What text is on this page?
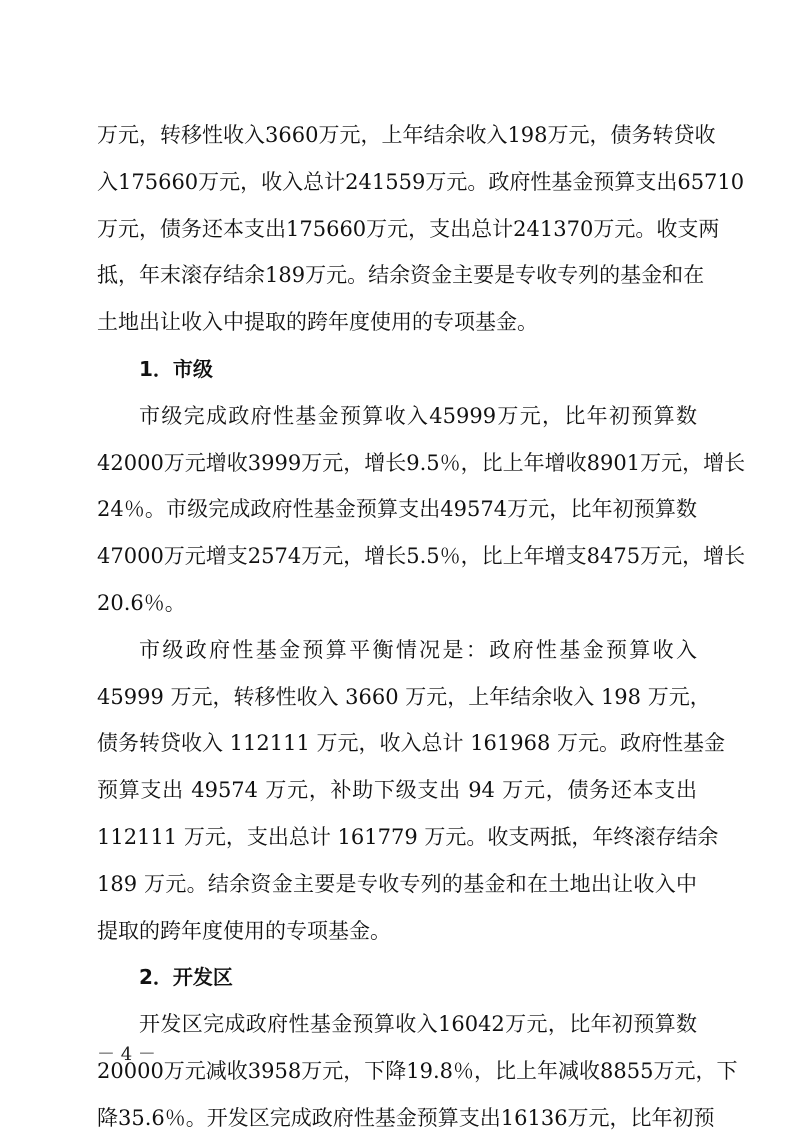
万元，转移性收入3660万元，上年结余收入198万元，债务转贷收
入175660万元，收入总计241559万元。政府性基金预算支出65710
万元，债务还本支出175660万元，支出总计241370万元。收支两
抵，年末滚存结余189万元。结余资金主要是专收专列的基金和在
土地出让收入中提取的跨年度使用的专项基金。
1．市级
市级完成政府性基金预算收入45999万元，比年初预算数
42000万元增收3999万元，增长9.5％，比上年增收8901万元，增长
24％。市级完成政府性基金预算支出49574万元，比年初预算数
47000万元增支2574万元，增长5.5％，比上年增支8475万元，增长
20.6％。
市级政府性基金预算平衡情况是：政府性基金预算收入
45999 万元，转移性收入 3660 万元，上年结余收入 198 万元，
债务转贷收入 112111 万元，收入总计 161968 万元。政府性基金
预算支出 49574 万元，补助下级支出 94 万元，债务还本支出
112111 万元，支出总计 161779 万元。收支两抵，年终滚存结余
189 万元。结余资金主要是专收专列的基金和在土地出让收入中
提取的跨年度使用的专项基金。
2．开发区
开发区完成政府性基金预算收入16042万元，比年初预算数
20000万元减收3958万元，下降19.8％，比上年减收8855万元，下
降35.6％。开发区完成政府性基金预算支出16136万元，比年初预
－ 4 －
